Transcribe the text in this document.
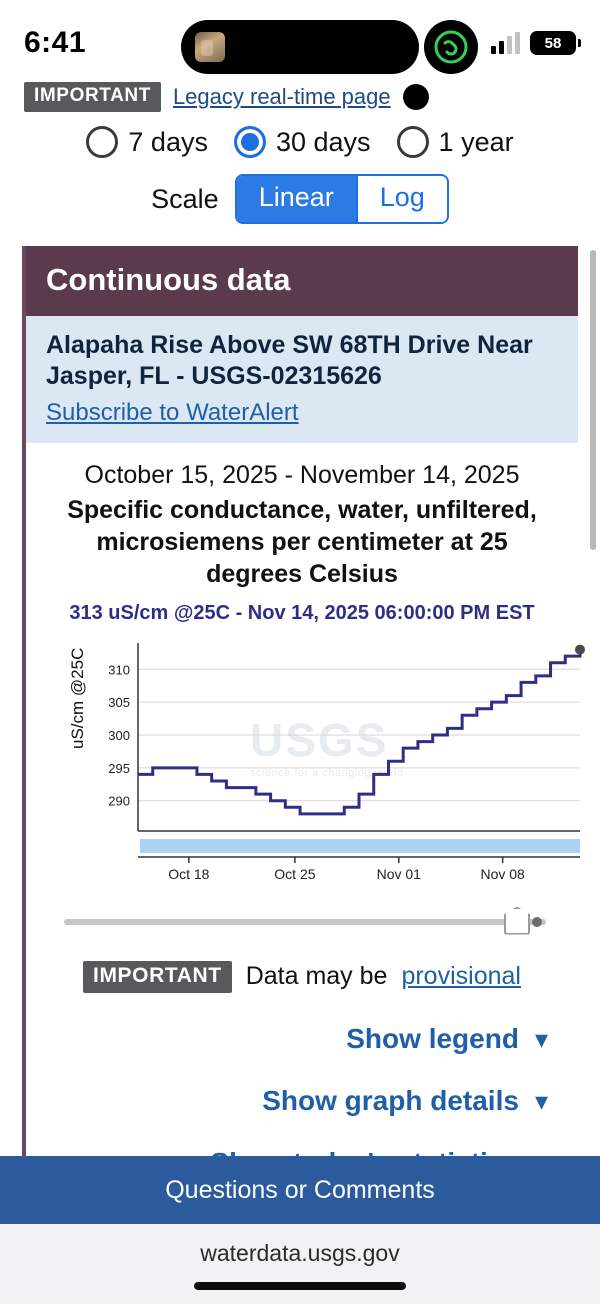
6:41	58
IMPORTANT	Legacy real-time page
7 days	30 days	1 year
Scale	Linear	Log
Continuous data
Alapaha Rise Above SW 68TH Drive Near Jasper, FL - USGS-02315626
Subscribe to WaterAlert
October 15, 2025 - November 14, 2025
Specific conductance, water, unfiltered, microsiemens per centimeter at 25 degrees Celsius
313 uS/cm @25C - Nov 14, 2025 06:00:00 PM EST
uS/cm @25C	USGS
science for a changing world
290
295
300
305
310
Oct 18	Oct 25	Nov 01	Nov 08
IMPORTANT Data may be provisional
Show legend ▾
Show graph details ▾
Questions or Comments
waterdata.usgs.gov
